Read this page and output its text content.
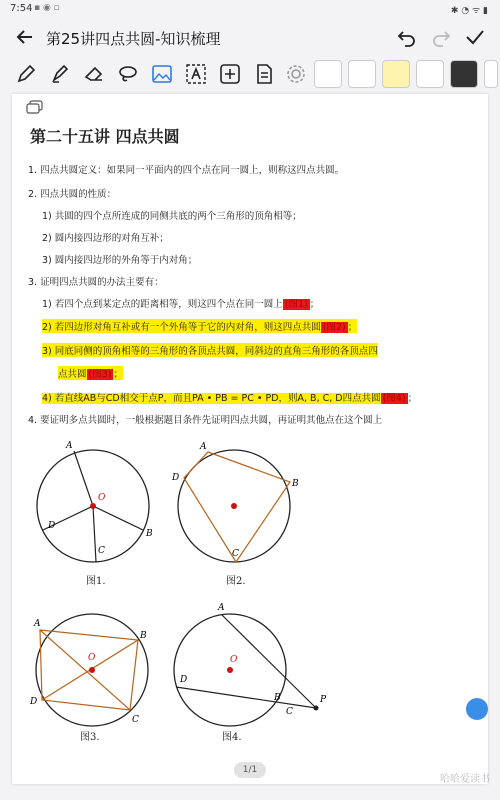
7:54 ▪ ◉ ▫	✱ ◔ ᯤ ▮
第25讲四点共圆-知识梳理
第二十五讲 四点共圆
1. 四点共圆定义：如果同一平面内的四个点在同一圆上，则称这四点共圆。
2. 四点共圆的性质：
1) 共圆的四个点所连成的同侧共底的两个三角形的顶角相等；
2) 圆内接四边形的对角互补；
3) 圆内接四边形的外角等于内对角；
3. 证明四点共圆的办法主要有：
1) 若四个点到某定点的距离相等，则这四个点在同一圆上 (图1) ；
2) 若四边形对角互补或有一个外角等于它的内对角，则这四点共圆 (图2) ；
3) 同底同侧的顶角相等的三角形的各顶点共圆，同斜边的直角三角形的各顶点四
点共圆 (图3) ；
4) 若直线AB与CD相交于点P，而且PA • PB = PC • PD，则A, B, C, D四点共圆 (图4) ；
4. 要证明多点共圆时，一般根据题目条件先证明四点共圆，再证明其他点在这个圆上
A
B
C
D
O
图1.
A
B
C
D
图2.
A
B
C
D
O
图3.
A
B
C
D
O
P
图4.
1/1
哈哈爱读书
